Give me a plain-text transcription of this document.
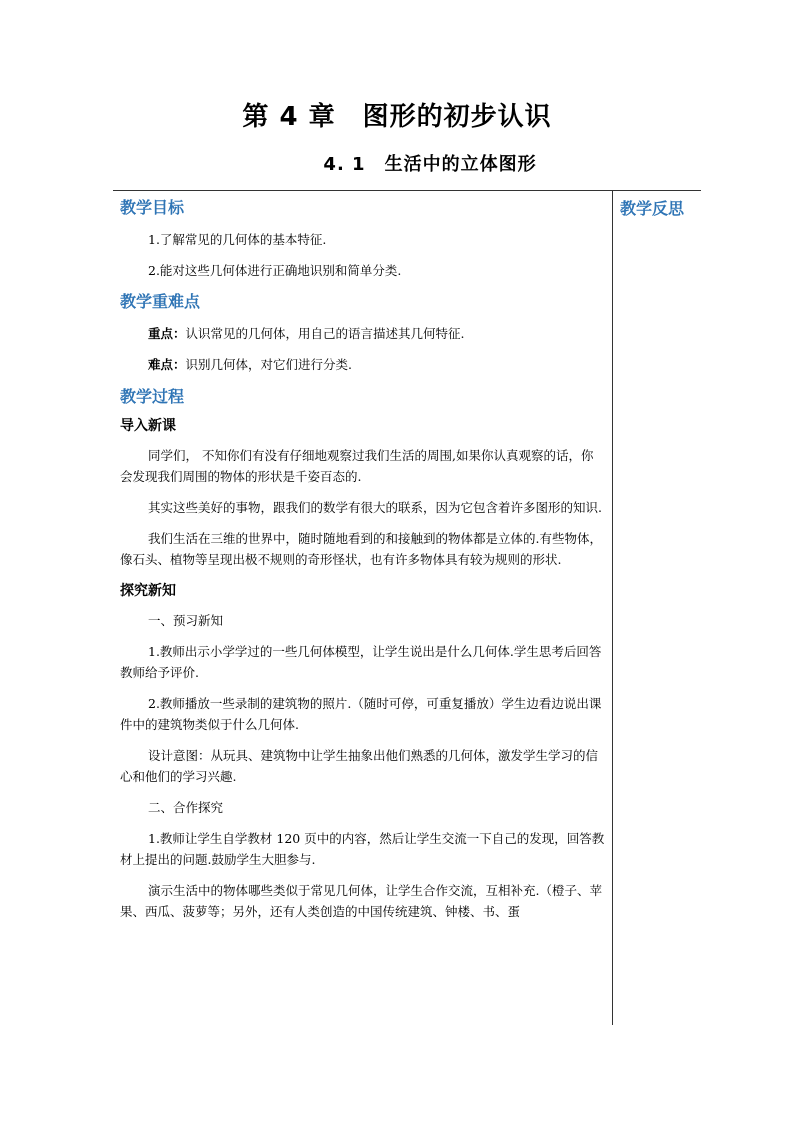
第 4 章　图形的初步认识
4. 1　生活中的立体图形
教学反思
教学目标

1.了解常见的几何体的基本特征.

2.能对这些几何体进行正确地识别和简单分类.

教学重难点

重点：认识常见的几何体，用自己的语言描述其几何特征.

难点：识别几何体，对它们进行分类.

教学过程
导入新课

同学们， 不知你们有没有仔细地观察过我们生活的周围,如果你认真观察的话，你会发现我们周围的物体的形状是千姿百态的.

其实这些美好的事物，跟我们的数学有很大的联系，因为它包含着许多图形的知识.

我们生活在三维的世界中，随时随地看到的和接触到的物体都是立体的.有些物体，像石头、植物等呈现出极不规则的奇形怪状，也有许多物体具有较为规则的形状.

探究新知

一、预习新知

1.教师出示小学学过的一些几何体模型，让学生说出是什么几何体.学生思考后回答教师给予评价.

2.教师播放一些录制的建筑物的照片.（随时可停，可重复播放）学生边看边说出课件中的建筑物类似于什么几何体.

设计意图：从玩具、建筑物中让学生抽象出他们熟悉的几何体，激发学生学习的信心和他们的学习兴趣.

二、合作探究

1.教师让学生自学教材 120 页中的内容，然后让学生交流一下自己的发现，回答教材上提出的问题.鼓励学生大胆参与.

演示生活中的物体哪些类似于常见几何体，让学生合作交流，互相补充.（橙子、苹果、西瓜、菠萝等；另外，还有人类创造的中国传统建筑、钟楼、书、蛋
